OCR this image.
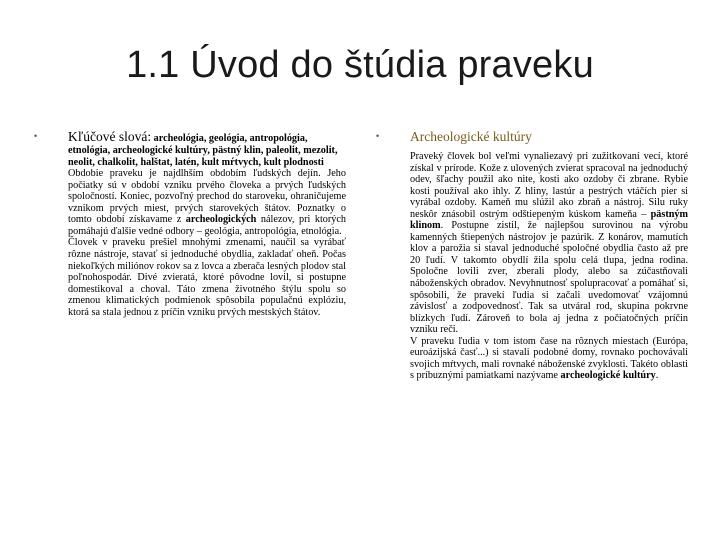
1.1 Úvod do štúdia praveku
• Kľúčové slová: archeológia, geológia, antropológia,
etnológia, archeologické kultúry, pästný klin, paleolit, mezolit, neolit, chalkolit, halštat, latén, kult mŕtvych, kult plodnosti

Obdobie praveku je najdlhším obdobím ľudských dejín. Jeho počiatky sú v období vzniku prvého človeka a prvých ľudských spoločností. Koniec, pozvoľný prechod do staroveku, ohraničujeme vznikom prvých miest, prvých starovekých štátov. Poznatky o tomto období získavame z archeologických nálezov, pri ktorých pomáhajú ďalšie vedné odbory – geológia, antropológia, etnológia.

Človek v praveku prešiel mnohými zmenami, naučil sa vyrábať rôzne nástroje, stavať si jednoduché obydlia, zakladať oheň. Počas niekoľkých miliónov rokov sa z lovca a zberača lesných plodov stal poľnohospodár. Divé zvieratá, ktoré pôvodne lovil, si postupne domestikoval a choval. Táto zmena životného štýlu spolu so zmenou klimatických podmienok spôsobila populačnú explóziu, ktorá sa stala jednou z príčin vzniku prvých mestských štátov.

• Archeologické kultúry

Praveký človek bol veľmi vynaliezavý pri zužitkovaní vecí, ktoré získal v prírode. Kože z ulovených zvierat spracoval na jednoduchý odev, šľachy použil ako nite, kosti ako ozdoby či zbrane. Rybie kosti používal ako ihly. Z hliny, lastúr a pestrých vtáčích pier si vyrábal ozdoby. Kameň mu slúžil ako zbraň a nástroj. Silu ruky neskôr znásobil ostrým odštiepeným kúskom kameňa – pästným klinom. Postupne zistil, že najlepšou surovinou na výrobu kamenných štiepených nástrojov je pazúrik. Z konárov, mamutích klov a parožia si staval jednoduché spoločné obydlia často až pre 20 ľudí. V takomto obydlí žila spolu celá tlupa, jedna rodina. Spoločne lovili zver, zberali plody, alebo sa zúčastňovali náboženských obradov. Nevyhnutnosť spolupracovať a pomáhať si, spôsobili, že pravekí ľudia si začali uvedomovať vzájomnú závislosť a zodpovednosť. Tak sa utváral rod, skupina pokrvne blízkych ľudí. Zároveň to bola aj jedna z počiatočných príčin vzniku reči.

V praveku ľudia v tom istom čase na rôznych miestach (Európa, euroázijská časť...) si stavali podobné domy, rovnako pochovávali svojich mŕtvych, mali rovnaké náboženské zvyklosti. Takéto oblasti s príbuznými pamiatkami nazývame archeologické kultúry.
